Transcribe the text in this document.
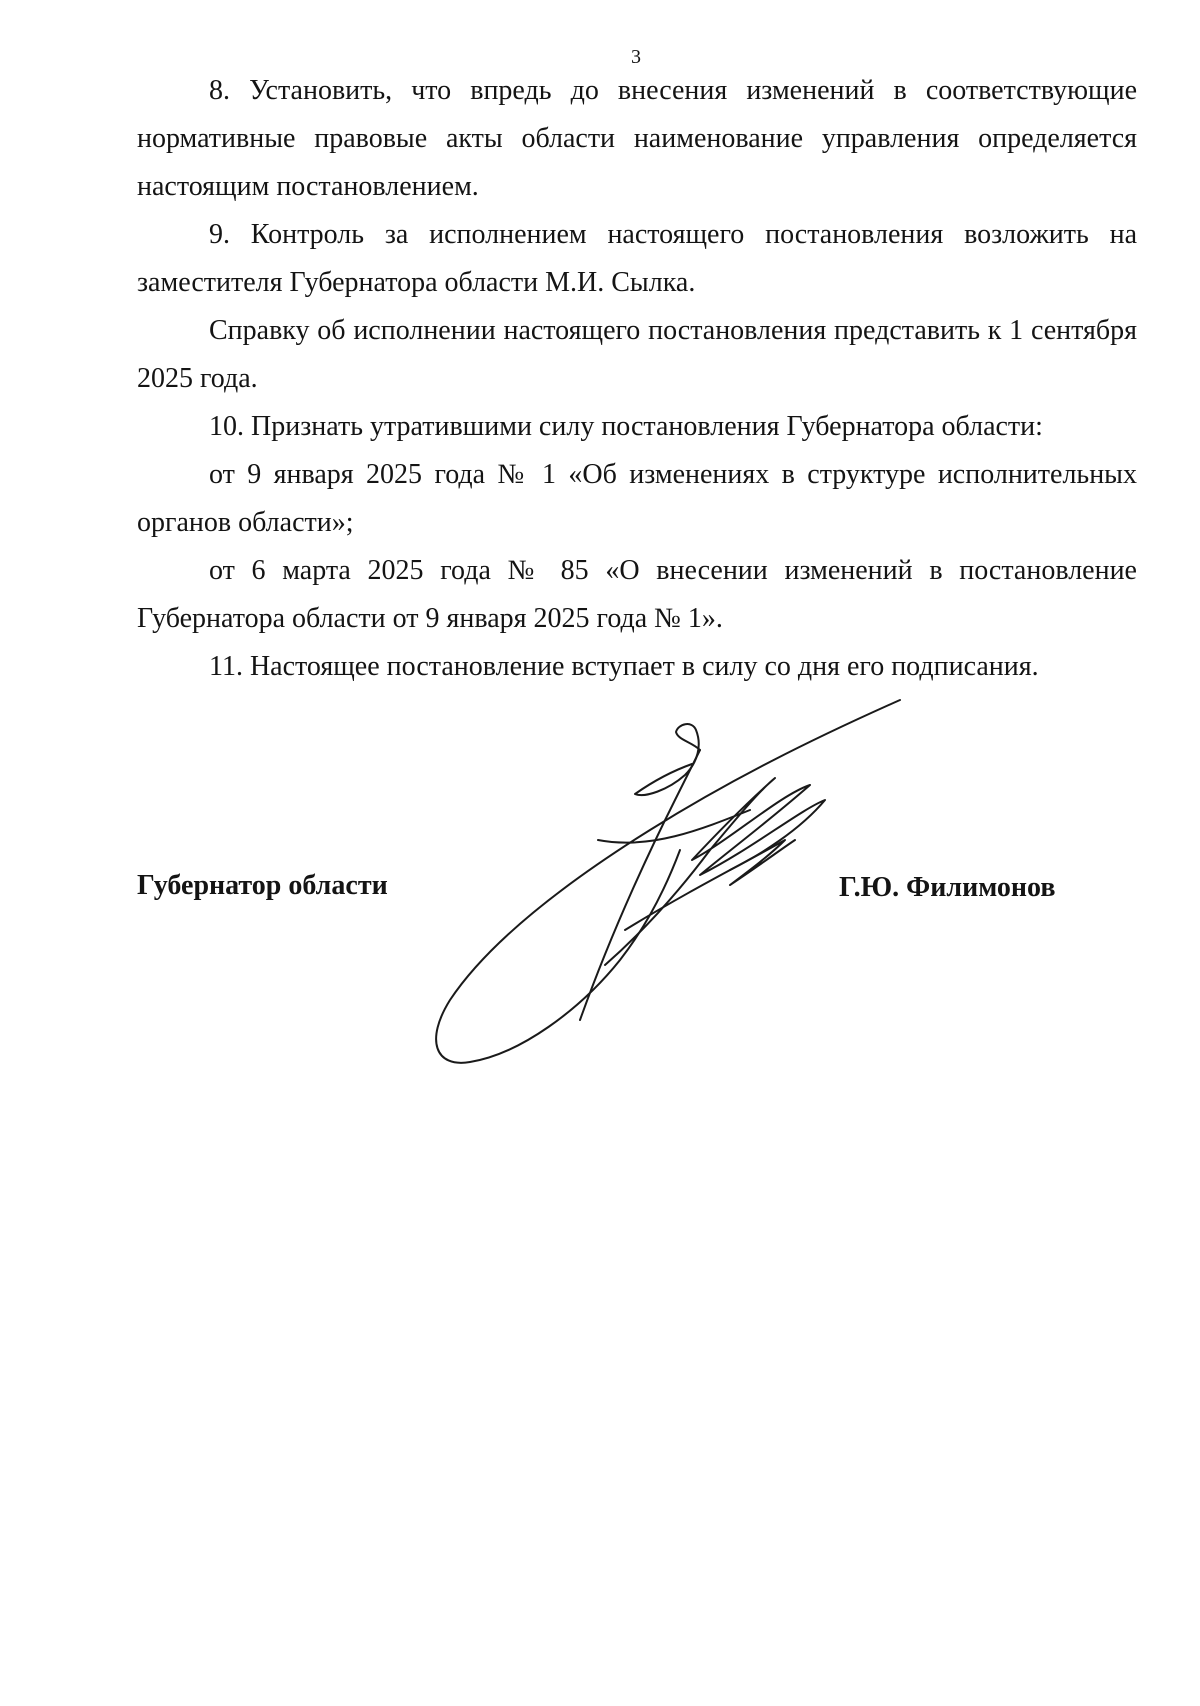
3

8. Установить, что впредь до внесения изменений в соответствующие нормативные правовые акты области наименование управления определяется настоящим постановлением.

9. Контроль за исполнением настоящего постановления возложить на заместителя Губернатора области М.И. Сылка.

Справку об исполнении настоящего постановления представить к 1 сентября 2025 года.

10. Признать утратившими силу постановления Губернатора области:

от 9 января 2025 года № 1 «Об изменениях в структуре исполнительных органов области»;

от 6 марта 2025 года № 85 «О внесении изменений в постановление Губернатора области от 9 января 2025 года № 1».

11. Настоящее постановление вступает в силу со дня его подписания.

Губернатор области	Г.Ю. Филимонов
